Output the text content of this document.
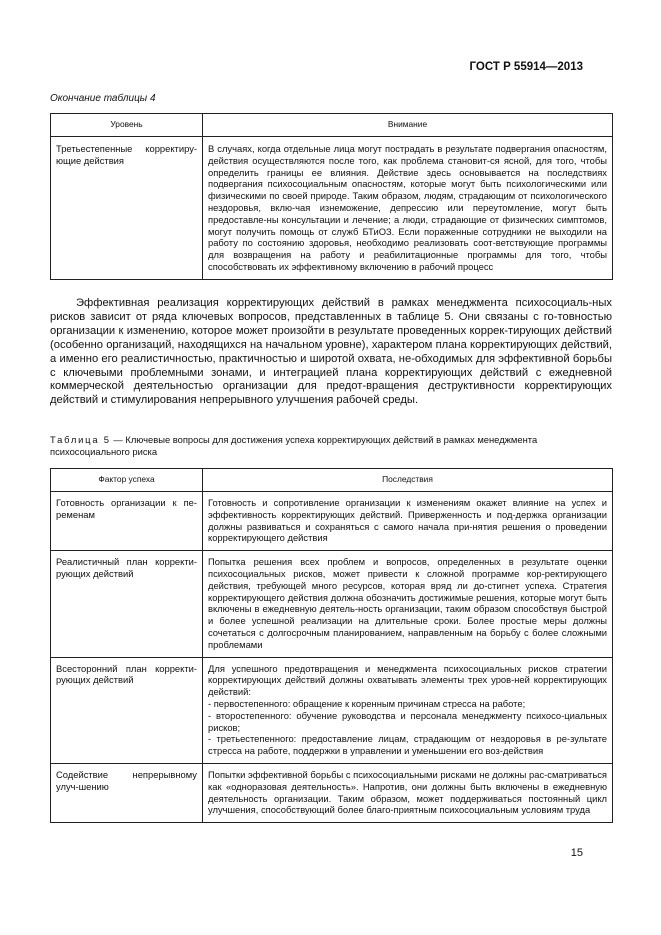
ГОСТ Р 55914—2013
Окончание таблицы 4
Уровень	Внимание
Третьестепенные корректиру-ющие действия	В случаях, когда отдельные лица могут пострадать в результате подвергания опасностям, действия осуществляются после того, как проблема становит-ся ясной, для того, чтобы определить границы ее влияния. Действие здесь основывается на последствиях подвергания психосоциальным опасностям, которые могут быть психологическими или физическими по своей природе. Таким образом, людям, страдающим от психологического нездоровья, вклю-чая изнеможение, депрессию или переутомление, могут быть предоставле-ны консультации и лечение; а люди, страдающие от физических симптомов, могут получить помощь от служб БТиОЗ. Если пораженные сотрудники не выходили на работу по состоянию здоровья, необходимо реализовать соот-ветствующие программы для возвращения на работу и реабилитационные программы для того, чтобы способствовать их эффективному включению в рабочий процесс

Эффективная реализация корректирующих действий в рамках менеджмента психосоциаль-ных рисков зависит от ряда ключевых вопросов, представленных в таблице 5. Они связаны с го-товностью организации к изменению, которое может произойти в результате проведенных коррек-тирующих действий (особенно организаций, находящихся на начальном уровне), характером плана корректирующих действий, а именно его реалистичностью, практичностью и широтой охвата, не-обходимых для эффективной борьбы с ключевыми проблемными зонами, и интеграцией плана корректирующих действий с ежедневной коммерческой деятельностью организации для предот-вращения деструктивности корректирующих действий и стимулирования непрерывного улучшения рабочей среды.

Таблица 5 — Ключевые вопросы для достижения успеха корректирующих действий в рамках менеджмента психосоциального риска
Фактор успеха	Последствия
Готовность организации к пе-ременам	Готовность и сопротивление организации к изменениям окажет влияние на успех и эффективность корректирующих действий. Приверженность и под-держка организации должны развиваться и сохраняться с самого начала при-нятия решения о проведении корректирующего действия
Реалистичный план корректи-рующих действий	Попытка решения всех проблем и вопросов, определенных в результате оценки психосоциальных рисков, может привести к сложной программе кор-ректирующего действия, требующей много ресурсов, которая вряд ли до-стигнет успеха. Стратегия корректирующего действия должна обозначить достижимые решения, которые могут быть включены в ежедневную деятель-ность организации, таким образом способствуя быстрой и более успешной реализации на длительные сроки. Более простые меры должны сочетаться с долгосрочным планированием, направленным на борьбу с более сложными проблемами
Всесторонний план корректи-рующих действий	Для успешного предотвращения и менеджмента психосоциальных рисков стратегии корректирующих действий должны охватывать элементы трех уров-ней корректирующих действий:
- первостепенного: обращение к коренным причинам стресса на работе;
- второстепенного: обучение руководства и персонала менеджменту психосо-циальных рисков;
- третьестепенного: предоставление лицам, страдающим от нездоровья в ре-зультате стресса на работе, поддержки в управлении и уменьшении его воз-действия

Содействие непрерывному улуч-шению	Попытки эффективной борьбы с психосоциальными рисками не должны рас-сматриваться как «одноразовая деятельность». Напротив, они должны быть включены в ежедневную деятельность организации. Таким образом, может поддерживаться постоянный цикл улучшения, способствующий более благо-приятным психосоциальным условиям труда
15
